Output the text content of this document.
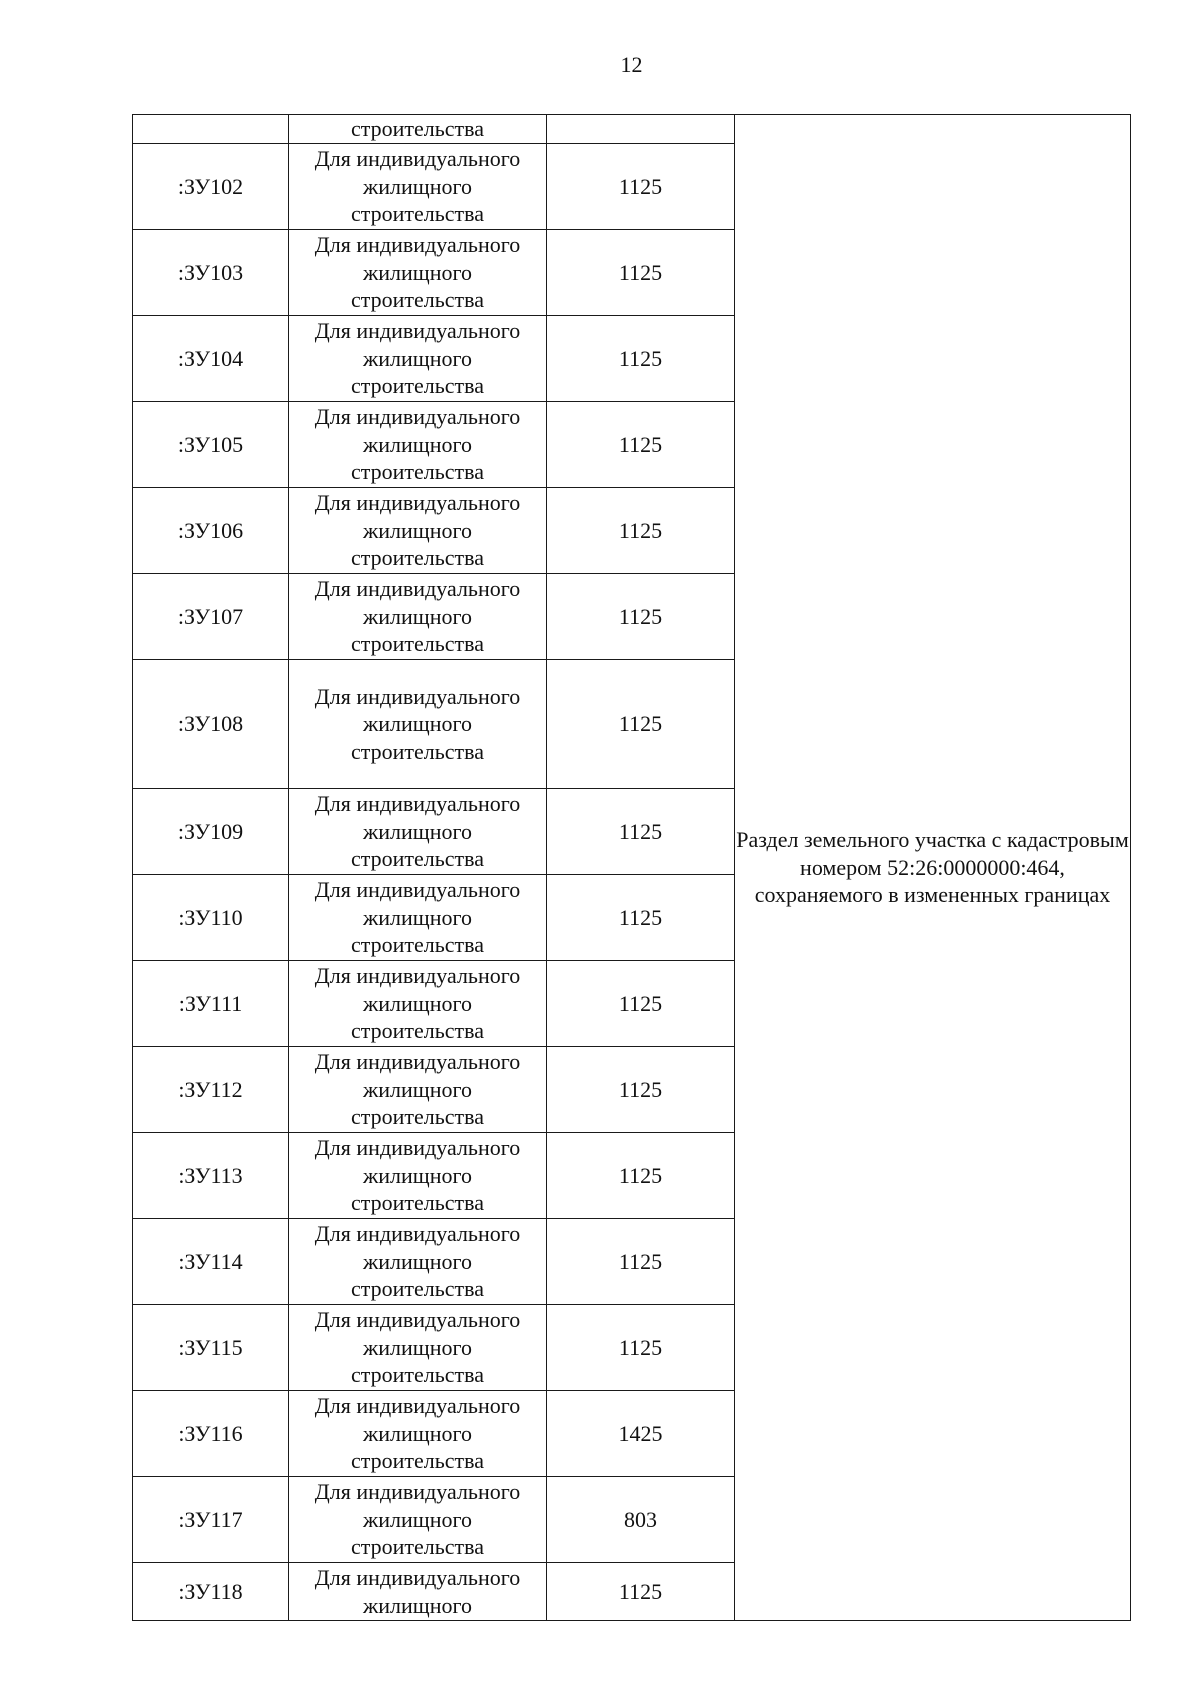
12

	строительства		Раздел земельного участка с кадастровым номером 52:26:0000000:464, сохраняемого в измененных границах
:ЗУ102	Для индивидуального
жилищного
строительства	1125	
:ЗУ103	Для индивидуального
жилищного
строительства	1125	
:ЗУ104	Для индивидуального
жилищного
строительства	1125	
:ЗУ105	Для индивидуального
жилищного
строительства	1125	
:ЗУ106	Для индивидуального
жилищного
строительства	1125	
:ЗУ107	Для индивидуального
жилищного
строительства	1125	
:ЗУ108	Для индивидуального
жилищного
строительства	1125	
:ЗУ109	Для индивидуального
жилищного
строительства	1125	
:ЗУ110	Для индивидуального
жилищного
строительства	1125	
:ЗУ111	Для индивидуального
жилищного
строительства	1125	
:ЗУ112	Для индивидуального
жилищного
строительства	1125	
:ЗУ113	Для индивидуального
жилищного
строительства	1125	
:ЗУ114	Для индивидуального
жилищного
строительства	1125	
:ЗУ115	Для индивидуального
жилищного
строительства	1125	
:ЗУ116	Для индивидуального
жилищного
строительства	1425	
:ЗУ117	Для индивидуального
жилищного
строительства	803	
:ЗУ118	Для индивидуального
жилищного	1125	
